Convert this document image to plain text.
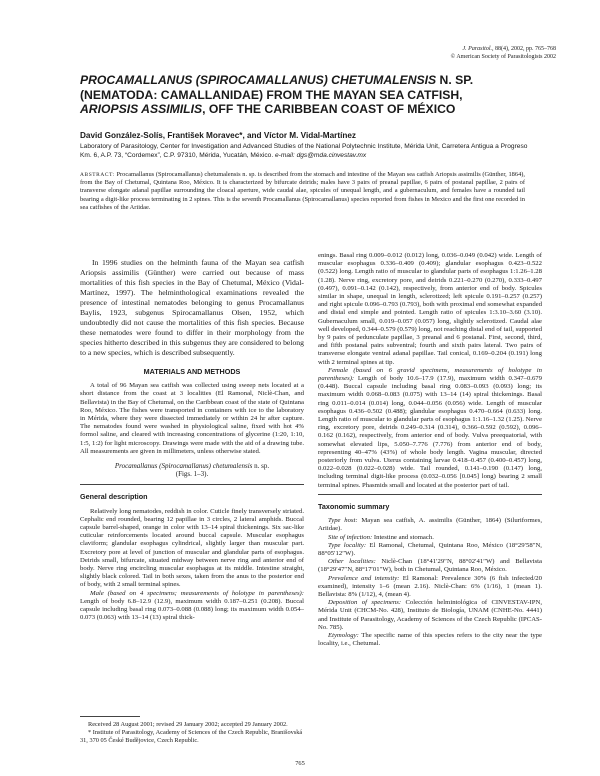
J. Parasitol., 88(4), 2002, pp. 765–768
© American Society of Parasitologists 2002
PROCAMALLANUS (SPIROCAMALLANUS) CHETUMALENSIS N. SP. (NEMATODA: CAMALLANIDAE) FROM THE MAYAN SEA CATFISH,
ARIOPSIS ASSIMILIS, OFF THE CARIBBEAN COAST OF MÉXICO
David González-Solís, František Moravec*, and Víctor M. Vidal-Martínez
Laboratory of Parasitology, Center for Investigation and Advanced Studies of the National Polytechnic Institute, Mérida Unit, Carretera Antigua a Progreso Km. 6, A.P. 73, “Cordemex”, C.P. 97310, Mérida, Yucatán, México. e-mail: dgs@mda.cinvestav.mx
ABSTRACT: Procamallanus (Spirocamallanus) chetumalensis n. sp. is described from the stomach and intestine of the Mayan sea catfish Ariopsis assimilis (Günther, 1864), from the Bay of Chetumal, Quintana Roo, México. It is characterized by bifurcate deirids; males have 3 pairs of preanal papillae, 6 pairs of postanal papillae, 2 pairs of transverse elongate adanal papillae surrounding the cloacal aperture, wide caudal alae, spicules of unequal length, and a gubernaculum, and females have a rounded tail bearing a digit-like process terminating in 2 spines. This is the seventh Procamallanus (Spirocamallanus) species reported from fishes in Mexico and the first one recorded in sea catfishes of the Ariidae.

In 1996 studies on the helminth fauna of the Mayan sea catfish Ariopsis assimilis (Günther) were carried out because of mass mortalities of this fish species in the Bay of Chetumal, México (Vidal-Martínez, 1997). The helminthological examinations revealed the presence of intestinal nematodes belonging to genus Procamallanus Baylis, 1923, subgenus Spirocamallanus Olsen, 1952, which undoubtedly did not cause the mortalities of this fish species. Because these nematodes were found to differ in their morphology from the species hitherto described in this subgenus they are considered to belong to a new species, which is described subsequently.

MATERIALS AND METHODS

A total of 96 Mayan sea catfish was collected using sweep nets located at a short distance from the coast at 3 localities (El Ramonal, Niclè-Chan, and Bellavista) in the Bay of Chetumal, on the Caribbean coast of the state of Quintana Roo, México. The fishes were transported in containers with ice to the laboratory in Mérida, where they were dissected immediately or within 24 hr after capture. The nematodes found were washed in physiological saline, fixed with hot 4% formol saline, and cleared with increasing concentrations of glycerine (1:20, 1:10, 1:5, 1:2) for light microscopy. Drawings were made with the aid of a drawing tube. All measurements are given in millimeters, unless otherwise stated.

Procamallanus (Spirocamallanus) chetumalensis n. sp.
(Figs. 1–3).
General description

Relatively long nematodes, reddish in color. Cuticle finely transversely striated. Cephalic end rounded, bearing 12 papillae in 3 circles, 2 lateral amphids. Buccal capsule barrel-shaped, orange in color with 13–14 spiral thickenings. Six sac-like cuticular reinforcements located around buccal capsule. Muscular esophagus claviform; glandular esophagus cylindrical, slightly larger than muscular part. Excretory pore at level of junction of muscular and glandular parts of esophagus. Deirids small, bifurcate, situated midway between nerve ring and anterior end of body. Nerve ring encircling muscular esophagus at its middle. Intestine straight, slightly black colored. Tail in both sexes, taken from the anus to the posterior end of body, with 2 small terminal spines.

Male (based on 4 specimens; measurements of holotype in parentheses): Length of body 6.8–12.9 (12.9), maximum width 0.187–0.251 (0.208). Buccal capsule including basal ring 0.073–0.088 (0.088) long; its maximum width 0.054–0.073 (0.063) with 13–14 (13) spiral thick-

enings. Basal ring 0.009–0.012 (0.012) long, 0.036–0.049 (0.042) wide. Length of muscular esophagus 0.336–0.409 (0.409); glandular esophagus 0.423–0.522 (0.522) long. Length ratio of muscular to glandular parts of esophagus 1:1.26–1.28 (1.28). Nerve ring, excretory pore, and deirids 0.221–0.270 (0.270), 0.333–0.497 (0.497), 0.091–0.142 (0.142), respectively, from anterior end of body. Spicules similar in shape, unequal in length, sclerotized; left spicule 0.191–0.257 (0.257) and right spicule 0.096–0.793 (0.793), both with proximal end somewhat expanded and distal end simple and pointed. Length ratio of spicules 1:3.10–3.60 (3.10). Gubernaculum small, 0.019–0.057 (0.057) long, slightly sclerotized. Caudal alae well developed, 0.344–0.579 (0.579) long, not reaching distal end of tail, supported by 9 pairs of pedunculate papillae, 3 preanal and 6 postanal. First, second, third, and fifth postanal pairs subventral; fourth and sixth pairs lateral. Two pairs of transverse elongate ventral adanal papillae. Tail conical, 0.169–0.204 (0.191) long with 2 terminal spines at tip.

Female (based on 6 gravid specimens, measurements of holotype in parentheses): Length of body 10.6–17.9 (17.9), maximum width 0.347–0.679 (0.448). Buccal capsule including basal ring 0.083–0.093 (0.093) long; its maximum width 0.068–0.083 (0.075) with 13–14 (14) spiral thickenings. Basal ring 0.011–0.014 (0.014) long, 0.044–0.056 (0.056) wide. Length of muscular esophagus 0.436–0.502 (0.488); glandular esophagus 0.470–0.664 (0.633) long. Length ratio of muscular to glandular parts of esophagus 1:1.16–1.32 (1.25). Nerve ring, excretory pore, deirids 0.249–0.314 (0.314), 0.366–0.592 (0.592), 0.096–0.162 (0.162), respectively, from anterior end of body. Vulva preequatorial, with somewhat elevated lips, 5.050–7.776 (7.776) from anterior end of body, representing 40–47% (43%) of whole body length. Vagina muscular, directed posteriorly from vulva. Uterus containing larvae 0.418–0.457 (0.400–0.457) long, 0.022–0.028 (0.022–0.028) wide. Tail rounded, 0.141–0.190 (0.147) long, including terminal digit-like process (0.032–0.056 [0.045] long) bearing 2 small terminal spines. Phasmids small and located at the posterior part of tail.

Taxonomic summary

Type host: Mayan sea catfish, A. assimilis (Günther, 1864) (Siluriformes, Ariidae).

Site of infection: Intestine and stomach.

Type locality: El Ramonal, Chetumal, Quintana Roo, México (18°29′58″N, 88°05′12″W).

Other localities: Niclè-Chan (18°41′29″N, 88°02′41″W) and Bellavista (18°29′47″N, 88°17′01″W), both in Chetumal, Quintana Roo, México.

Prevalence and intensity: El Ramonal: Prevalence 30% (6 fish infected/20 examined), intensity 1–6 (mean 2.16). Niclè-Chan: 6% (1/16), 1 (mean 1). Bellavista: 8% (1/12), 4, (mean 4).

Deposition of specimens: Colección helmintológica of CINVESTAV-IPN, Mérida Unit (CHCM-No. 428), Instituto de Biología, UNAM (CNHE-No. 4441) and Institute of Parasitology, Academy of Sciences of the Czech Republic (IPCAS-No. 785).

Etymology: The specific name of this species refers to the city near the type locality, i.e., Chetumal.

Received 28 August 2001; revised 29 January 2002; accepted 29 January 2002.

* Institute of Parasitology, Academy of Sciences of the Czech Republic, Branišovská 31, 370 05 České Budějovice, Czech Republic.

765
